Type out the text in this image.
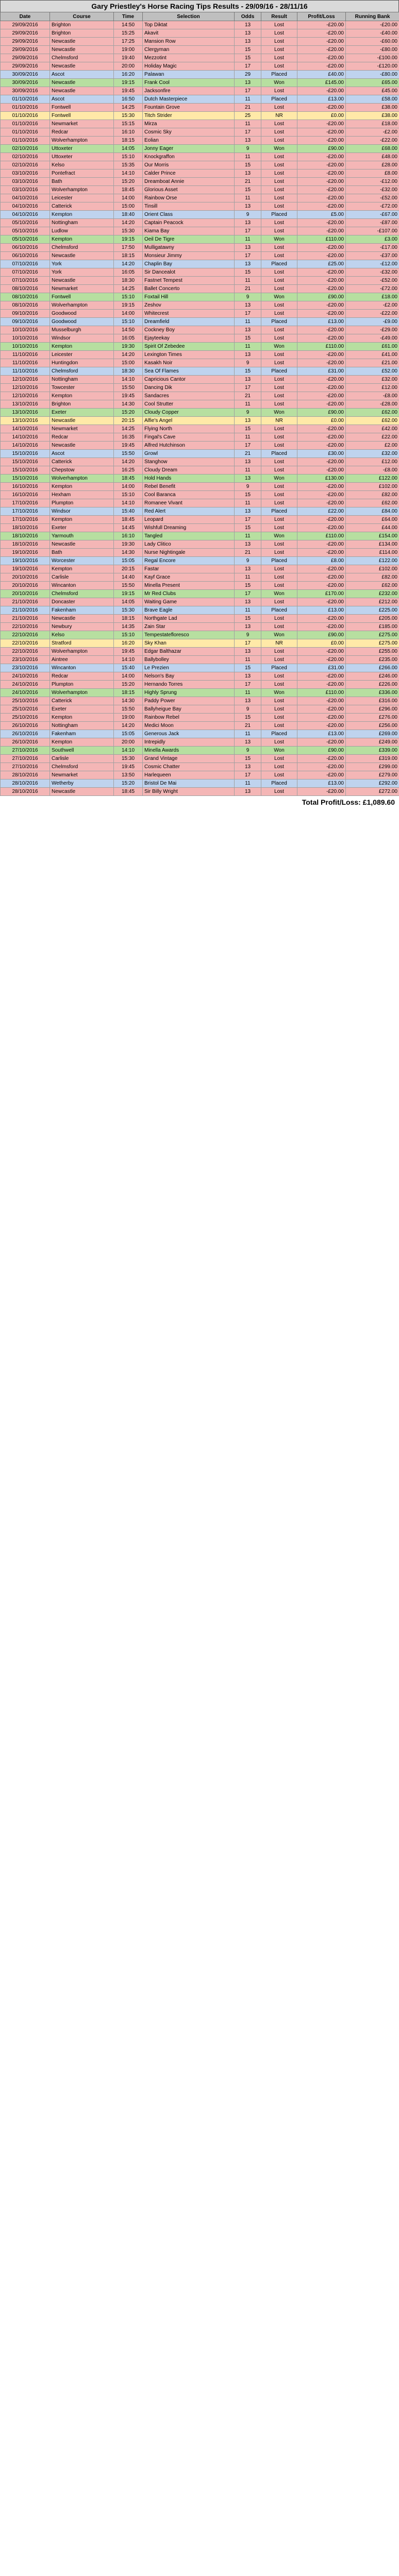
Gary Priestley's Horse Racing Tips Results - 29/09/16 - 28/11/16
Date	Course	Time	Selection	Odds	Result	Profit/Loss	Running Bank
29/09/2016	Brighton	14:50	Top Diktat	13	Lost	-£20.00	-£20.00
29/09/2016	Brighton	15:25	Akavit	13	Lost	-£20.00	-£40.00
29/09/2016	Newcastle	17:25	Mansion Row	13	Lost	-£20.00	-£60.00
29/09/2016	Newcastle	19:00	Clergyman	15	Lost	-£20.00	-£80.00
29/09/2016	Chelmsford	19:40	Mezzotint	15	Lost	-£20.00	-£100.00
29/09/2016	Newcastle	20:00	Holiday Magic	17	Lost	-£20.00	-£120.00
30/09/2016	Ascot	16:20	Palawan	29	Placed	£40.00	-£80.00
30/09/2016	Newcastle	19:15	Frank Cool	13	Won	£145.00	£65.00
30/09/2016	Newcastle	19:45	Jacksonfire	17	Lost	-£20.00	£45.00
01/10/2016	Ascot	16:50	Dutch Masterpiece	11	Placed	£13.00	£58.00
01/10/2016	Fontwell	14:25	Fountain Grove	21	Lost	-£20.00	£38.00
01/10/2016	Fontwell	15:30	Titch Strider	25	NR	£0.00	£38.00
01/10/2016	Newmarket	15:15	Mirza	11	Lost	-£20.00	£18.00
01/10/2016	Redcar	16:10	Cosmic Sky	17	Lost	-£20.00	-£2.00
01/10/2016	Wolverhampton	18:15	Eolian	13	Lost	-£20.00	-£22.00
02/10/2016	Uttoxeter	14:05	Jonny Eager	9	Won	£90.00	£68.00
02/10/2016	Uttoxeter	15:10	Knockgraffon	11	Lost	-£20.00	£48.00
02/10/2016	Kelso	15:35	Our Morris	15	Lost	-£20.00	£28.00
03/10/2016	Pontefract	14:10	Calder Prince	13	Lost	-£20.00	£8.00
03/10/2016	Bath	15:20	Dreamboat Annie	21	Lost	-£20.00	-£12.00
03/10/2016	Wolverhampton	18:45	Glorious Asset	15	Lost	-£20.00	-£32.00
04/10/2016	Leicester	14:00	Rainbow Orse	11	Lost	-£20.00	-£52.00
04/10/2016	Catterick	15:00	Tinsill	13	Lost	-£20.00	-£72.00
04/10/2016	Kempton	18:40	Orient Class	9	Placed	£5.00	-£67.00
05/10/2016	Nottingham	14:20	Captain Peacock	13	Lost	-£20.00	-£87.00
05/10/2016	Ludlow	15:30	Kiama Bay	17	Lost	-£20.00	-£107.00
05/10/2016	Kempton	19:15	Oeil De Tigre	11	Won	£110.00	£3.00
06/10/2016	Chelmsford	17:50	Mulligatawny	13	Lost	-£20.00	-£17.00
06/10/2016	Newcastle	18:15	Monsieur Jimmy	17	Lost	-£20.00	-£37.00
07/10/2016	York	14:20	Chaplin Bay	13	Placed	£25.00	-£12.00
07/10/2016	York	16:05	Sir Dancealot	15	Lost	-£20.00	-£32.00
07/10/2016	Newcastle	18:30	Fastnet Tempest	11	Lost	-£20.00	-£52.00
08/10/2016	Newmarket	14:25	Ballet Concerto	21	Lost	-£20.00	-£72.00
08/10/2016	Fontwell	15:10	Foxtail Hill	9	Won	£90.00	£18.00
08/10/2016	Wolverhampton	19:15	Zeshov	13	Lost	-£20.00	-£2.00
09/10/2016	Goodwood	14:00	Whitecrest	17	Lost	-£20.00	-£22.00
09/10/2016	Goodwood	15:10	Dreamfield	11	Placed	£13.00	-£9.00
10/10/2016	Musselburgh	14:50	Cockney Boy	13	Lost	-£20.00	-£29.00
10/10/2016	Windsor	16:05	Ejayteekay	15	Lost	-£20.00	-£49.00
10/10/2016	Kempton	19:30	Spirit Of Zebedee	11	Won	£110.00	£61.00
11/10/2016	Leicester	14:20	Lexington Times	13	Lost	-£20.00	£41.00
11/10/2016	Huntingdon	15:00	Kasakh Noir	9	Lost	-£20.00	£21.00
11/10/2016	Chelmsford	18:30	Sea Of Flames	15	Placed	£31.00	£52.00
12/10/2016	Nottingham	14:10	Capricious Cantor	13	Lost	-£20.00	£32.00
12/10/2016	Towcester	15:50	Dancing Dik	17	Lost	-£20.00	£12.00
12/10/2016	Kempton	19:45	Sandacres	21	Lost	-£20.00	-£8.00
13/10/2016	Brighton	14:30	Cool Strutter	11	Lost	-£20.00	-£28.00
13/10/2016	Exeter	15:20	Cloudy Copper	9	Won	£90.00	£62.00
13/10/2016	Newcastle	20:15	Alfie's Angel	13	NR	£0.00	£62.00
14/10/2016	Newmarket	14:25	Flying North	15	Lost	-£20.00	£42.00
14/10/2016	Redcar	16:35	Fingal's Cave	11	Lost	-£20.00	£22.00
14/10/2016	Newcastle	19:45	Alfred Hutchinson	17	Lost	-£20.00	£2.00
15/10/2016	Ascot	15:50	Growl	21	Placed	£30.00	£32.00
15/10/2016	Catterick	14:20	Stanghow	13	Lost	-£20.00	£12.00
15/10/2016	Chepstow	16:25	Cloudy Dream	11	Lost	-£20.00	-£8.00
15/10/2016	Wolverhampton	18:45	Hold Hands	13	Won	£130.00	£122.00
16/10/2016	Kempton	14:00	Rebel Benefit	9	Lost	-£20.00	£102.00
16/10/2016	Hexham	15:10	Cool Baranca	15	Lost	-£20.00	£82.00
17/10/2016	Plumpton	14:10	Romanee Vivant	11	Lost	-£20.00	£62.00
17/10/2016	Windsor	15:40	Red Alert	13	Placed	£22.00	£84.00
17/10/2016	Kempton	18:45	Leopard	17	Lost	-£20.00	£64.00
18/10/2016	Exeter	14:45	Wishfull Dreaming	15	Lost	-£20.00	£44.00
18/10/2016	Yarmouth	16:10	Tangled	11	Won	£110.00	£154.00
18/10/2016	Newcastle	19:30	Lady Clitico	13	Lost	-£20.00	£134.00
19/10/2016	Bath	14:30	Nurse Nightingale	21	Lost	-£20.00	£114.00
19/10/2016	Worcester	15:05	Regal Encore	9	Placed	£8.00	£122.00
19/10/2016	Kempton	20:15	Fastar	13	Lost	-£20.00	£102.00
20/10/2016	Carlisle	14:40	Kayf Grace	11	Lost	-£20.00	£82.00
20/10/2016	Wincanton	15:50	Minella Present	15	Lost	-£20.00	£62.00
20/10/2016	Chelmsford	19:15	Mr Red Clubs	17	Won	£170.00	£232.00
21/10/2016	Doncaster	14:05	Waiting Game	13	Lost	-£20.00	£212.00
21/10/2016	Fakenham	15:30	Brave Eagle	11	Placed	£13.00	£225.00
21/10/2016	Newcastle	18:15	Northgate Lad	15	Lost	-£20.00	£205.00
22/10/2016	Newbury	14:35	Zain Star	13	Lost	-£20.00	£185.00
22/10/2016	Kelso	15:10	Tempestatefloresco	9	Won	£90.00	£275.00
22/10/2016	Stratford	16:20	Sky Khan	17	NR	£0.00	£275.00
22/10/2016	Wolverhampton	19:45	Edgar Balthazar	13	Lost	-£20.00	£255.00
23/10/2016	Aintree	14:10	Ballybolley	11	Lost	-£20.00	£235.00
23/10/2016	Wincanton	15:40	Le Prezien	15	Placed	£31.00	£266.00
24/10/2016	Redcar	14:00	Nelson's Bay	13	Lost	-£20.00	£246.00
24/10/2016	Plumpton	15:20	Hernando Torres	17	Lost	-£20.00	£226.00
24/10/2016	Wolverhampton	18:15	Highly Sprung	11	Won	£110.00	£336.00
25/10/2016	Catterick	14:30	Paddy Power	13	Lost	-£20.00	£316.00
25/10/2016	Exeter	15:50	Ballyheigue Bay	9	Lost	-£20.00	£296.00
25/10/2016	Kempton	19:00	Rainbow Rebel	15	Lost	-£20.00	£276.00
26/10/2016	Nottingham	14:20	Medici Moon	21	Lost	-£20.00	£256.00
26/10/2016	Fakenham	15:05	Generous Jack	11	Placed	£13.00	£269.00
26/10/2016	Kempton	20:00	Intrepidly	13	Lost	-£20.00	£249.00
27/10/2016	Southwell	14:10	Minella Awards	9	Won	£90.00	£339.00
27/10/2016	Carlisle	15:30	Grand Vintage	15	Lost	-£20.00	£319.00
27/10/2016	Chelmsford	19:45	Cosmic Chatter	13	Lost	-£20.00	£299.00
28/10/2016	Newmarket	13:50	Harlequeen	17	Lost	-£20.00	£279.00
28/10/2016	Wetherby	15:20	Bristol De Mai	11	Placed	£13.00	£292.00
28/10/2016	Newcastle	18:45	Sir Billy Wright	13	Lost	-£20.00	£272.00
Total Profit/Loss: £1,089.60
